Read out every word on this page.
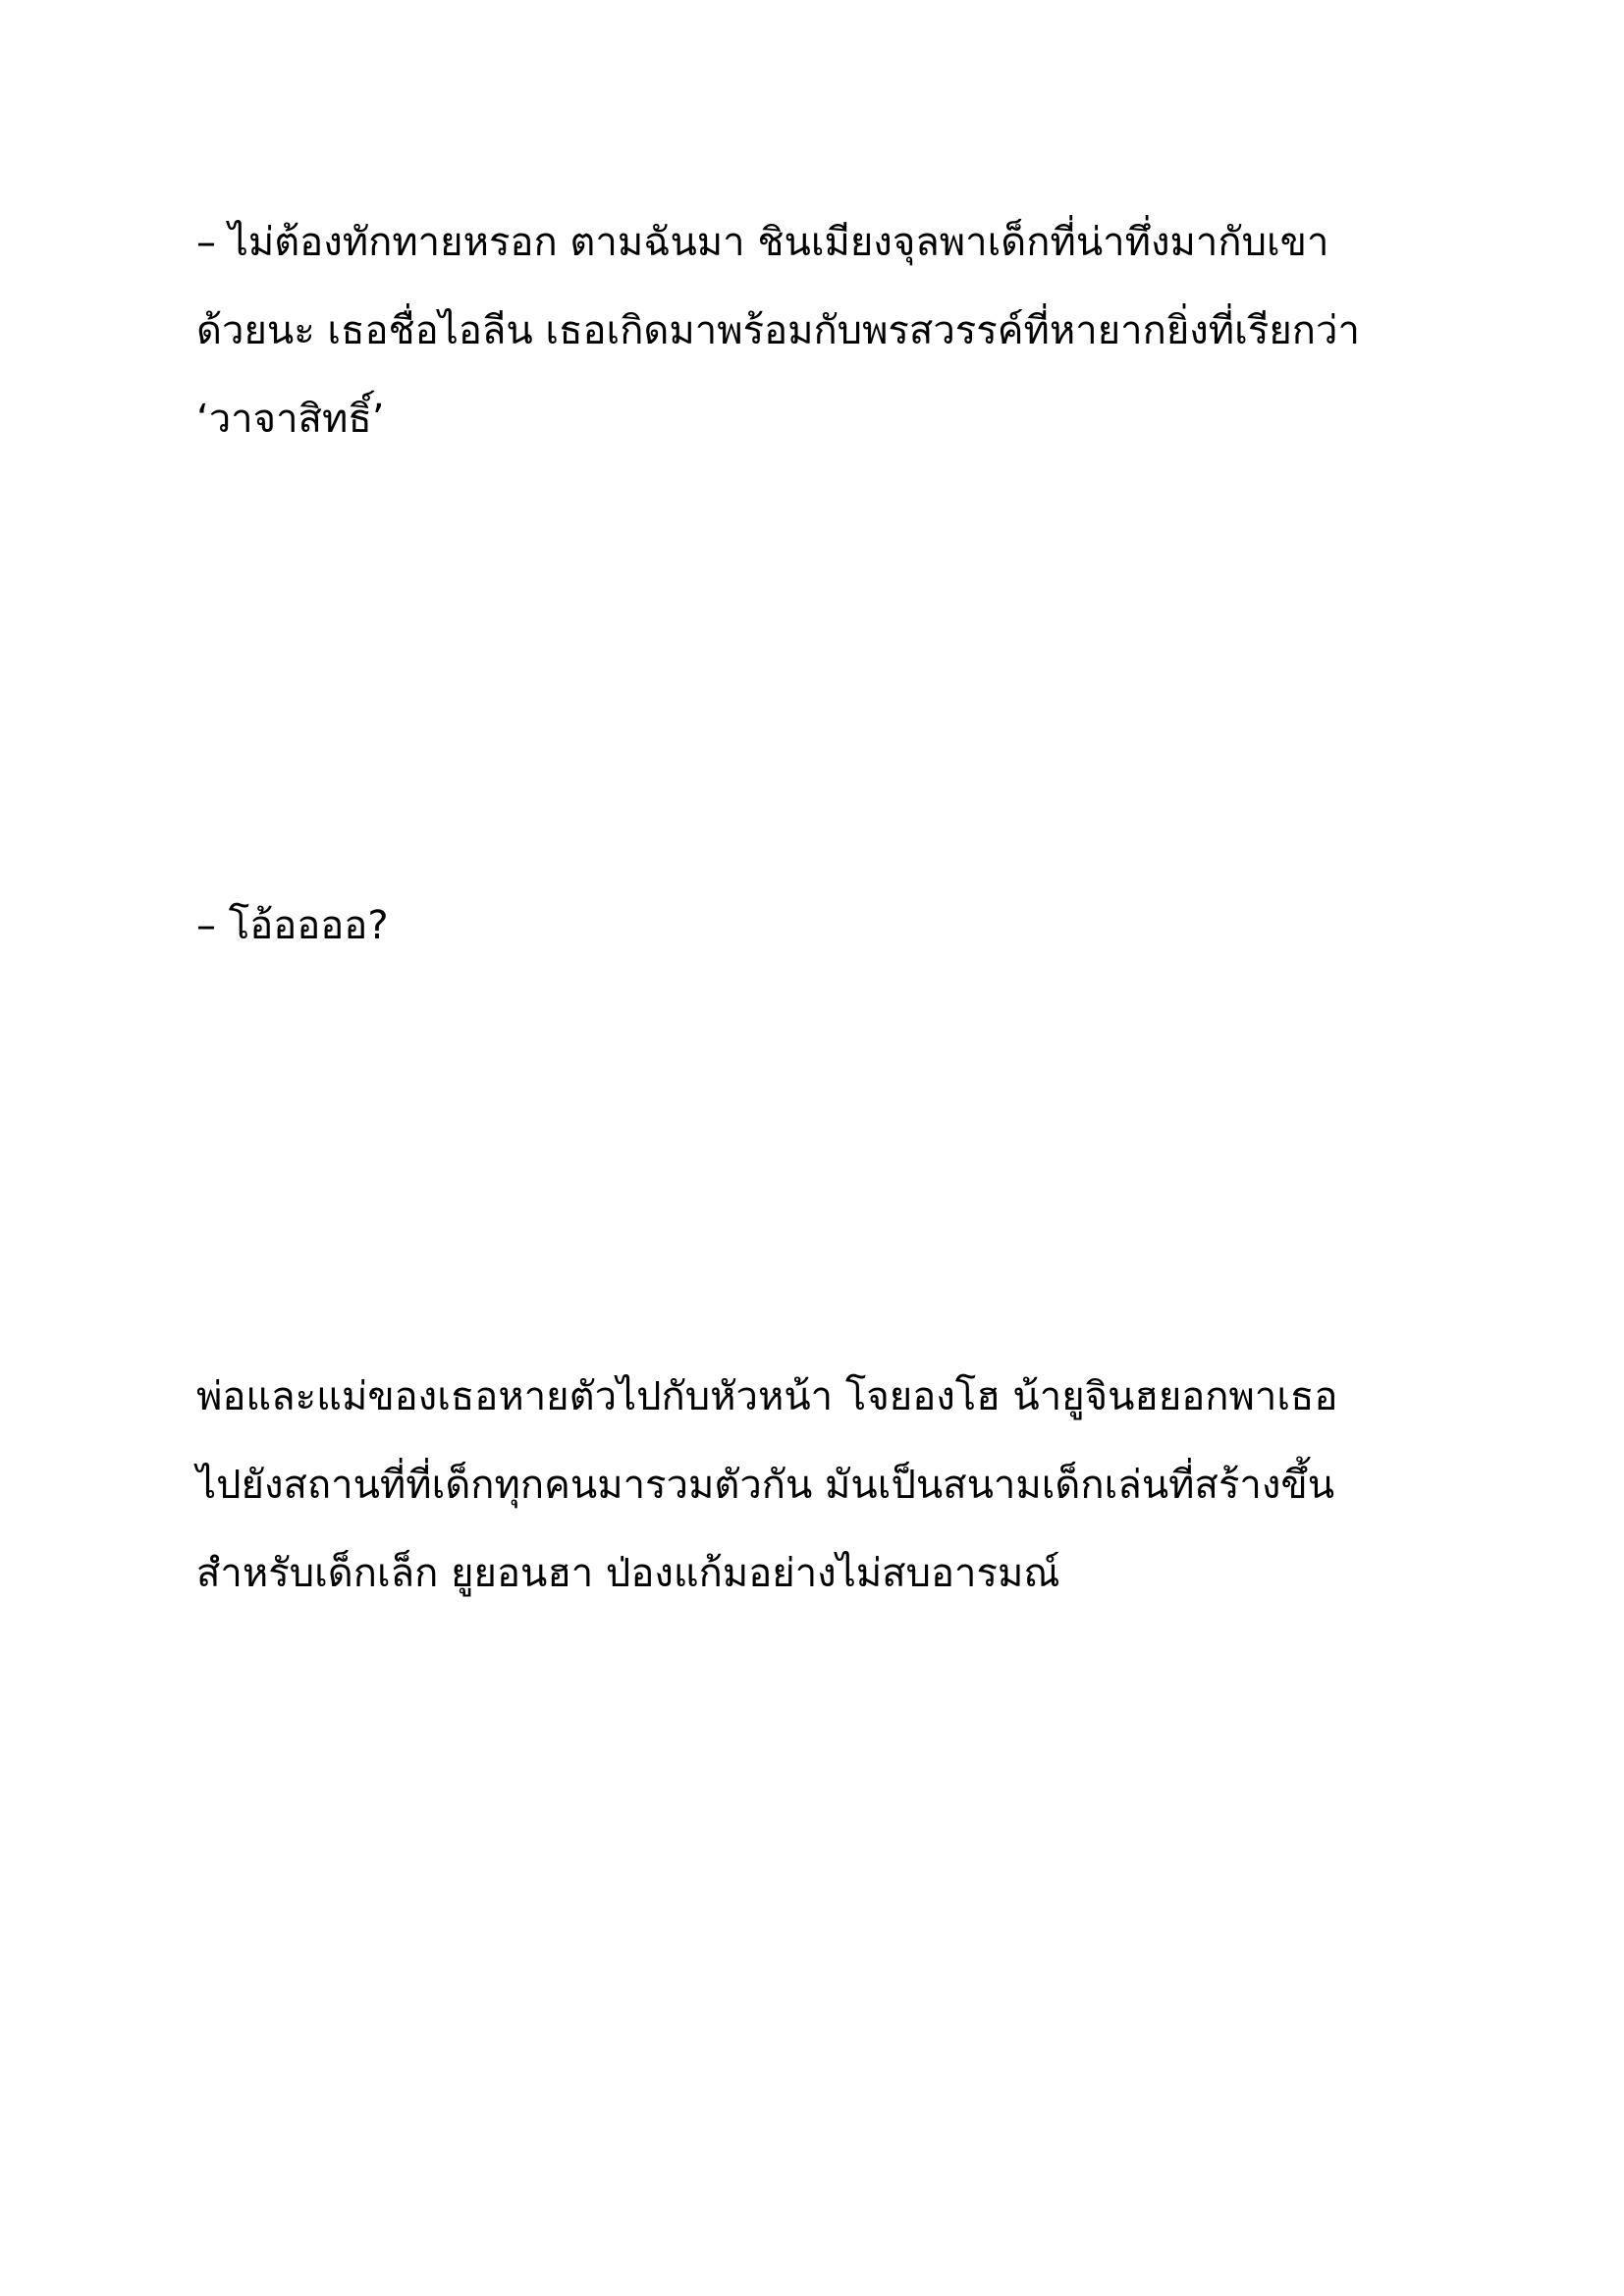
– ไม่ต้องทักทายหรอก ตามฉันมา ชินเมียงจุลพาเด็กที่น่าทึ่งมากับเขา
ด้วยนะ เธอชื่อไอลีน เธอเกิดมาพร้อมกับพรสวรรค์ที่หายากยิ่งที่เรียกว่า
‘วาจาสิทธิ์’

– โอ้ออออ?

พ่อและแม่ของเธอหายตัวไปกับหัวหน้า โจยองโฮ น้ายูจินฮยอกพาเธอ
ไปยังสถานที่ที่เด็กทุกคนมารวมตัวกัน มันเป็นสนามเด็กเล่นที่สร้างขึ้น
สำหรับเด็กเล็ก ยูยอนฮา ป่องแก้มอย่างไม่สบอารมณ์
